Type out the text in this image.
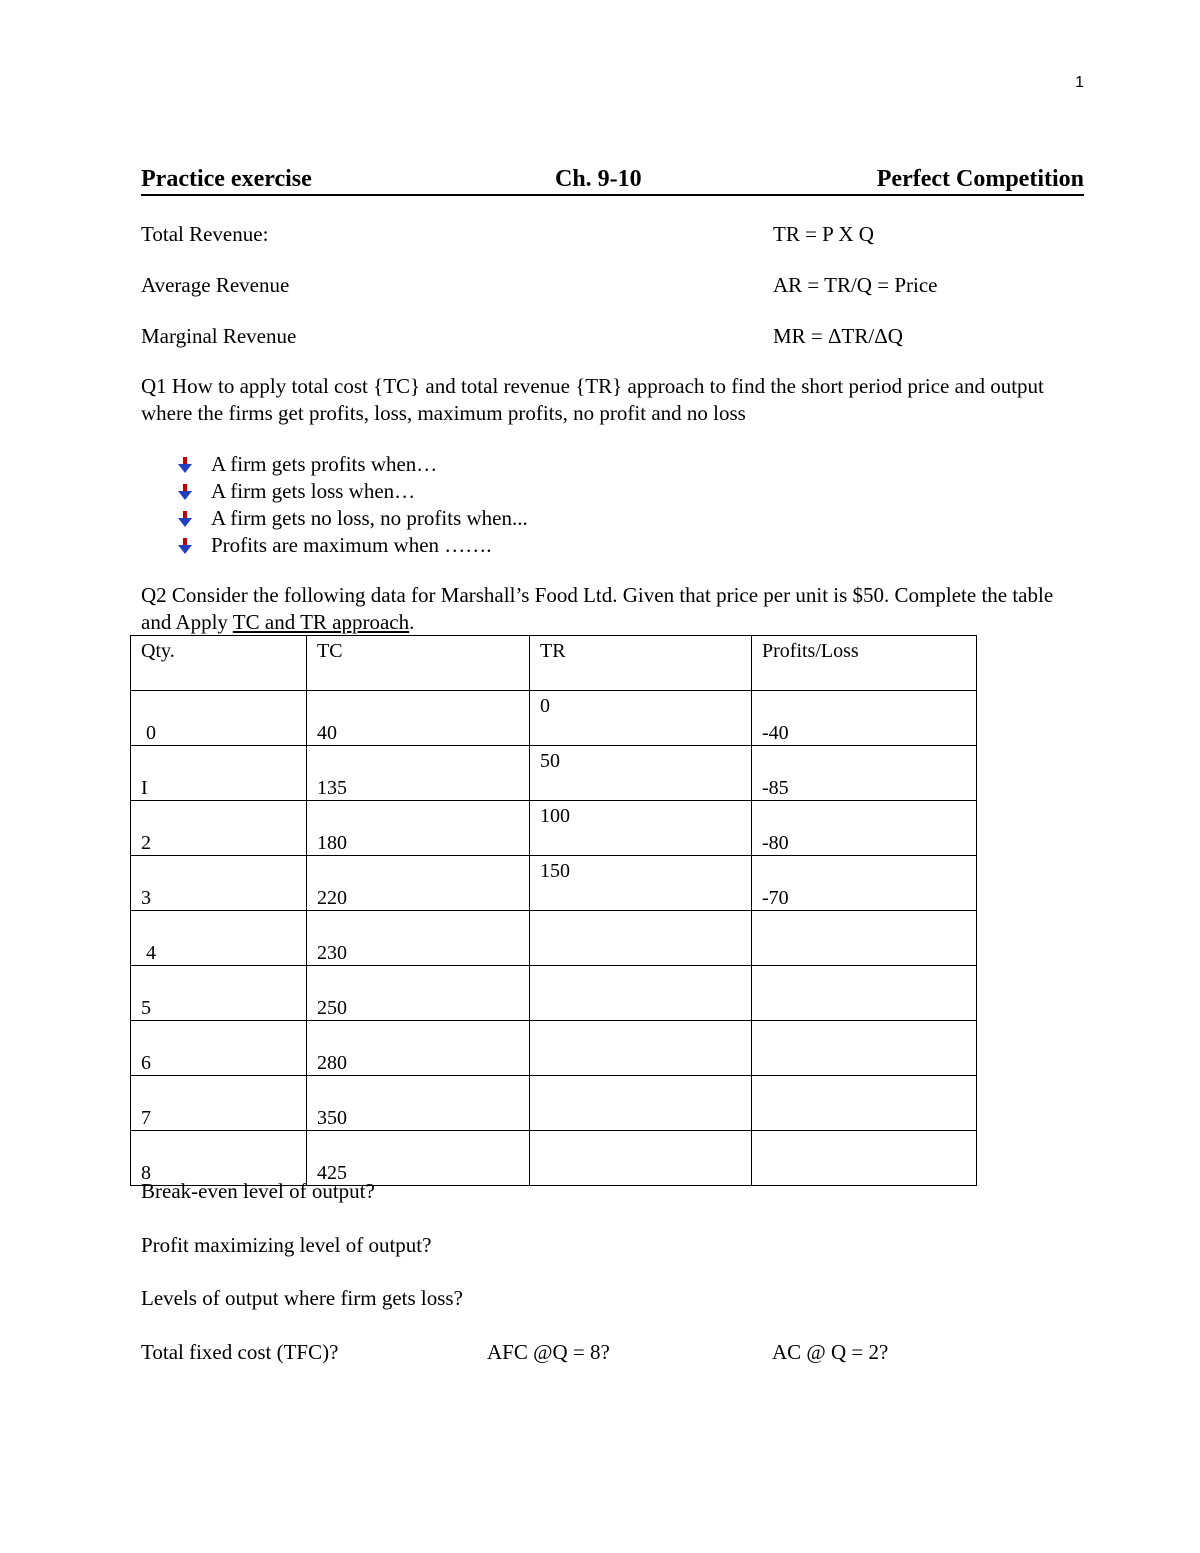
1
Practice exercise	Ch. 9-10	Perfect Competition
Total Revenue:	TR = P X Q
Average Revenue	AR = TR/Q = Price
Marginal Revenue	MR = ΔTR/ΔQ
Q1 How to apply total cost {TC} and total revenue {TR} approach to find the short period price and output where the firms get profits, loss, maximum profits, no profit and no loss
A firm gets profits when…
A firm gets loss when…
A firm gets no loss, no profits when...
Profits are maximum when …….
Q2 Consider the following data for Marshall’s Food Ltd. Given that price per unit is $50. Complete the table and Apply TC and TR approach.
Qty.	TC	TR	Profits/Loss
0	40	0	-40
I	135	50	-85
2	180	100	-80
3	220	150	-70
4	230		
5	250		
6	280		
7	350		
8	425		
Break-even level of output?
Profit maximizing level of output?
Levels of output where firm gets loss?
Total fixed cost (TFC)?	AFC @Q = 8?	AC @ Q = 2?
